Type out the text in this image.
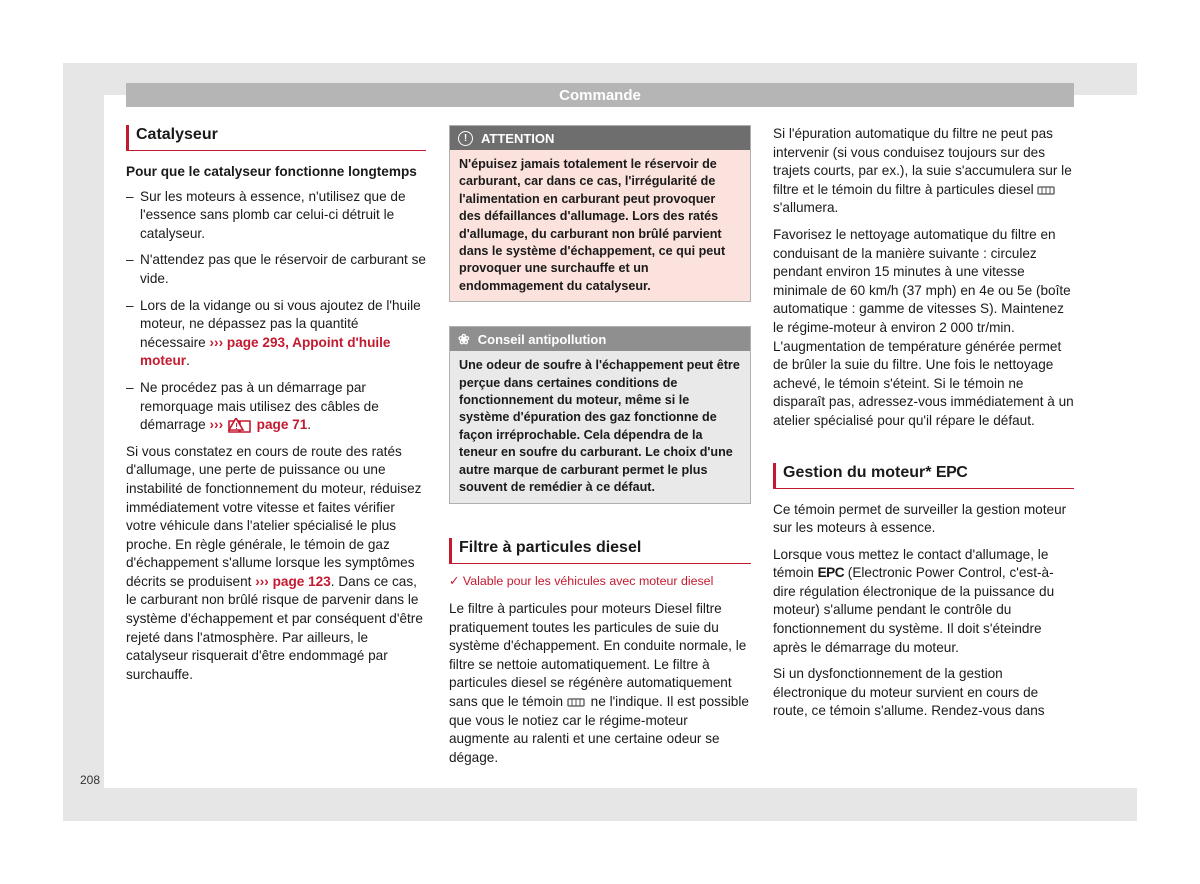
Commande
Catalyseur

Pour que le catalyseur fonctionne longtemps

– Sur les moteurs à essence, n'utilisez que de l'essence sans plomb car celui-ci détruit le catalyseur.
– N'attendez pas que le réservoir de carburant se vide.
– Lors de la vidange ou si vous ajoutez de l'huile moteur, ne dépassez pas la quantité nécessaire ››› page 293, Appoint d'huile moteur.
– Ne procédez pas à un démarrage par remorquage mais utilisez des câbles de démarrage ››› ! page 71.

Si vous constatez en cours de route des ratés d'allumage, une perte de puissance ou une instabilité de fonctionnement du moteur, réduisez immédiatement votre vitesse et faites vérifier votre véhicule dans l'atelier spécialisé le plus proche. En règle générale, le témoin de gaz d'échappement s'allume lorsque les symptômes décrits se produisent ››› page 123. Dans ce cas, le carburant non brûlé risque de parvenir dans le système d'échappement et par conséquent d'être rejeté dans l'atmosphère. Par ailleurs, le catalyseur risquerait d'être endommagé par surchauffe.

!	ATTENTION
N'épuisez jamais totalement le réservoir de carburant, car dans ce cas, l'irrégularité de l'alimentation en carburant peut provoquer des défaillances d'allumage. Lors des ratés d'allumage, du carburant non brûlé parvient dans le système d'échappement, ce qui peut provoquer une surchauffe et un endommagement du catalyseur.
❀ Conseil antipollution
Une odeur de soufre à l'échappement peut être perçue dans certaines conditions de fonctionnement du moteur, même si le système d'épuration des gaz fonctionne de façon irréprochable. Cela dépendra de la teneur en soufre du carburant. Le choix d'une autre marque de carburant permet le plus souvent de remédier à ce défaut.
Filtre à particules diesel
✓ Valable pour les véhicules avec moteur diesel

Le filtre à particules pour moteurs Diesel filtre pratiquement toutes les particules de suie du système d'échappement. En conduite normale, le filtre se nettoie automatiquement. Le filtre à particules diesel se régénère automatiquement sans que le témoin  ne l'indique. Il est possible que vous le notiez car le régime-moteur augmente au ralenti et une certaine odeur se dégage.

Si l'épuration automatique du filtre ne peut pas intervenir (si vous conduisez toujours sur des trajets courts, par ex.), la suie s'accumulera sur le filtre et le témoin du filtre à particules diesel  s'allumera.

Favorisez le nettoyage automatique du filtre en conduisant de la manière suivante : circulez pendant environ 15 minutes à une vitesse minimale de 60 km/h (37 mph) en 4e ou 5e (boîte automatique : gamme de vitesses S). Maintenez le régime-moteur à environ 2 000 tr/min. L'augmentation de température générée permet de brûler la suie du filtre. Une fois le nettoyage achevé, le témoin s'éteint. Si le témoin ne disparaît pas, adressez-vous immédiatement à un atelier spécialisé pour qu'il répare le défaut.

Gestion du moteur* EPC

Ce témoin permet de surveiller la gestion moteur sur les moteurs à essence.

Lorsque vous mettez le contact d'allumage, le témoin EPC (Electronic Power Control, c'est-à-dire régulation électronique de la puissance du moteur) s'allume pendant le contrôle du fonctionnement du système. Il doit s'éteindre après le démarrage du moteur.

Si un dysfonctionnement de la gestion électronique du moteur survient en cours de route, ce témoin s'allume. Rendez-vous dans

208
